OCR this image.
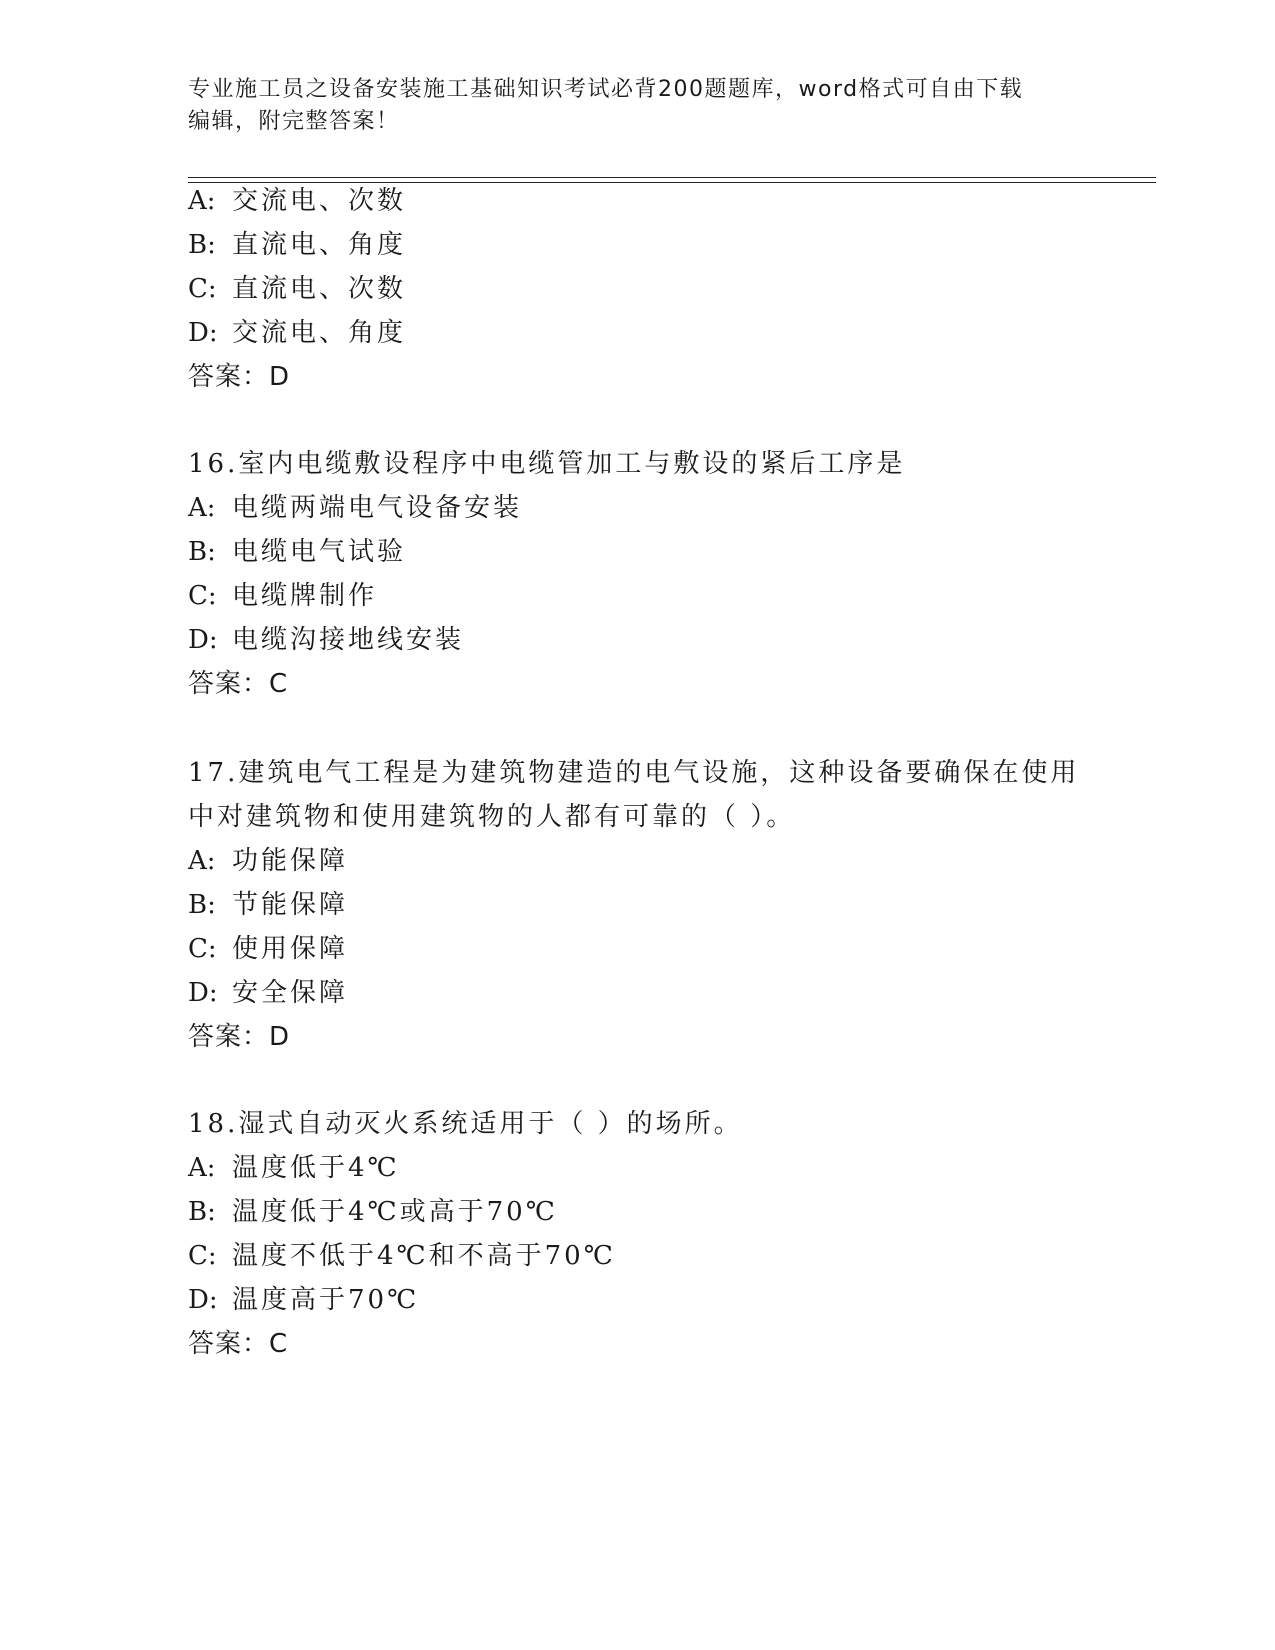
专业施工员之设备安装施工基础知识考试必背200题题库，word格式可自由下载
编辑，附完整答案！
A: 交流电、次数
B: 直流电、角度
C: 直流电、次数
D: 交流电、角度
答案：D
16.室内电缆敷设程序中电缆管加工与敷设的紧后工序是
A: 电缆两端电气设备安装
B: 电缆电气试验
C: 电缆牌制作
D: 电缆沟接地线安装
答案：C
17.建筑电气工程是为建筑物建造的电气设施，这种设备要确保在使用
中对建筑物和使用建筑物的人都有可靠的（ ）。
A: 功能保障
B: 节能保障
C: 使用保障
D: 安全保障
答案：D
18.湿式自动灭火系统适用于（ ）的场所。
A: 温度低于4℃
B: 温度低于4℃或高于70℃
C: 温度不低于4℃和不高于70℃
D: 温度高于70℃
答案：C
